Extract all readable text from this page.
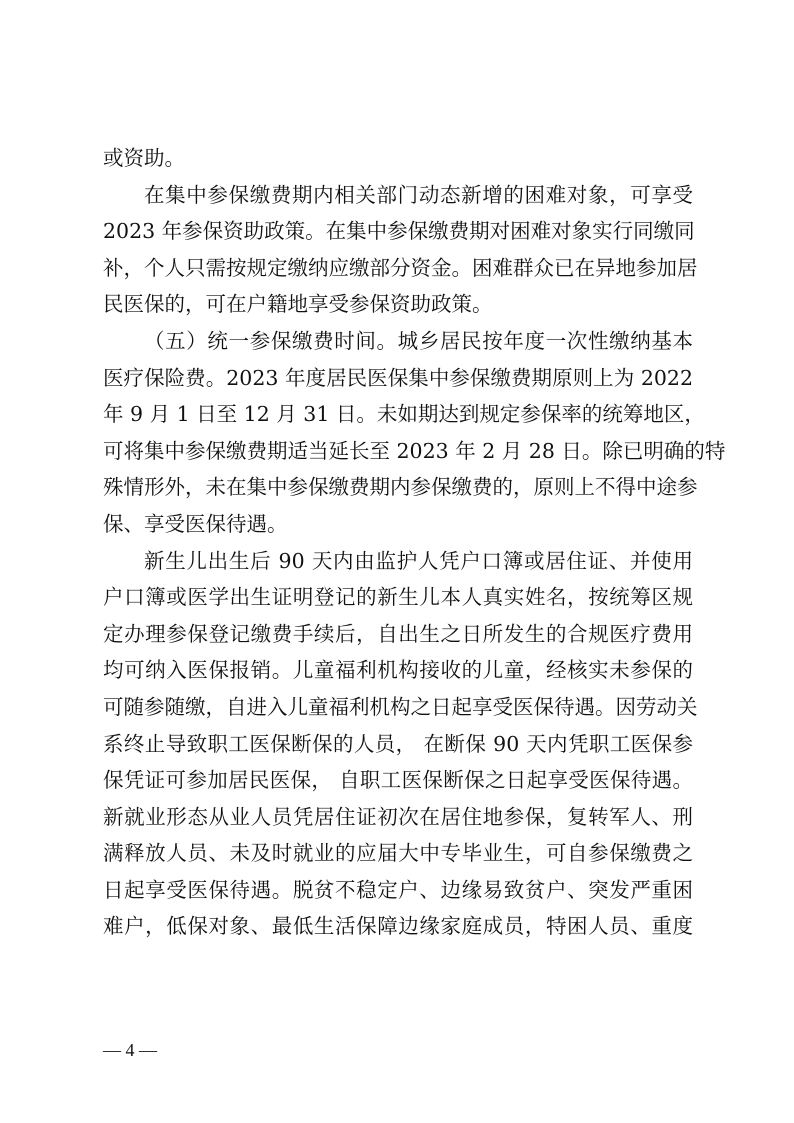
或资助。
在集中参保缴费期内相关部门动态新增的困难对象，可享受
2023 年参保资助政策。在集中参保缴费期对困难对象实行同缴同
补，个人只需按规定缴纳应缴部分资金。困难群众已在异地参加居
民医保的，可在户籍地享受参保资助政策。
（五）统一参保缴费时间。城乡居民按年度一次性缴纳基本
医疗保险费。2023 年度居民医保集中参保缴费期原则上为 2022
年 9 月 1 日至 12 月 31 日。未如期达到规定参保率的统筹地区，
可将集中参保缴费期适当延长至 2023 年 2 月 28 日。除已明确的特
殊情形外，未在集中参保缴费期内参保缴费的，原则上不得中途参
保、享受医保待遇。
新生儿出生后 90 天内由监护人凭户口簿或居住证、并使用
户口簿或医学出生证明登记的新生儿本人真实姓名，按统筹区规
定办理参保登记缴费手续后，自出生之日所发生的合规医疗费用
均可纳入医保报销。儿童福利机构接收的儿童，经核实未参保的
可随参随缴，自进入儿童福利机构之日起享受医保待遇。因劳动关
系终止导致职工医保断保的人员， 在断保 90 天内凭职工医保参
保凭证可参加居民医保， 自职工医保断保之日起享受医保待遇。
新就业形态从业人员凭居住证初次在居住地参保，复转军人、刑
满释放人员、未及时就业的应届大中专毕业生，可自参保缴费之
日起享受医保待遇。脱贫不稳定户、边缘易致贫户、突发严重困
难户，低保对象、最低生活保障边缘家庭成员，特困人员、重度
— 4 —
